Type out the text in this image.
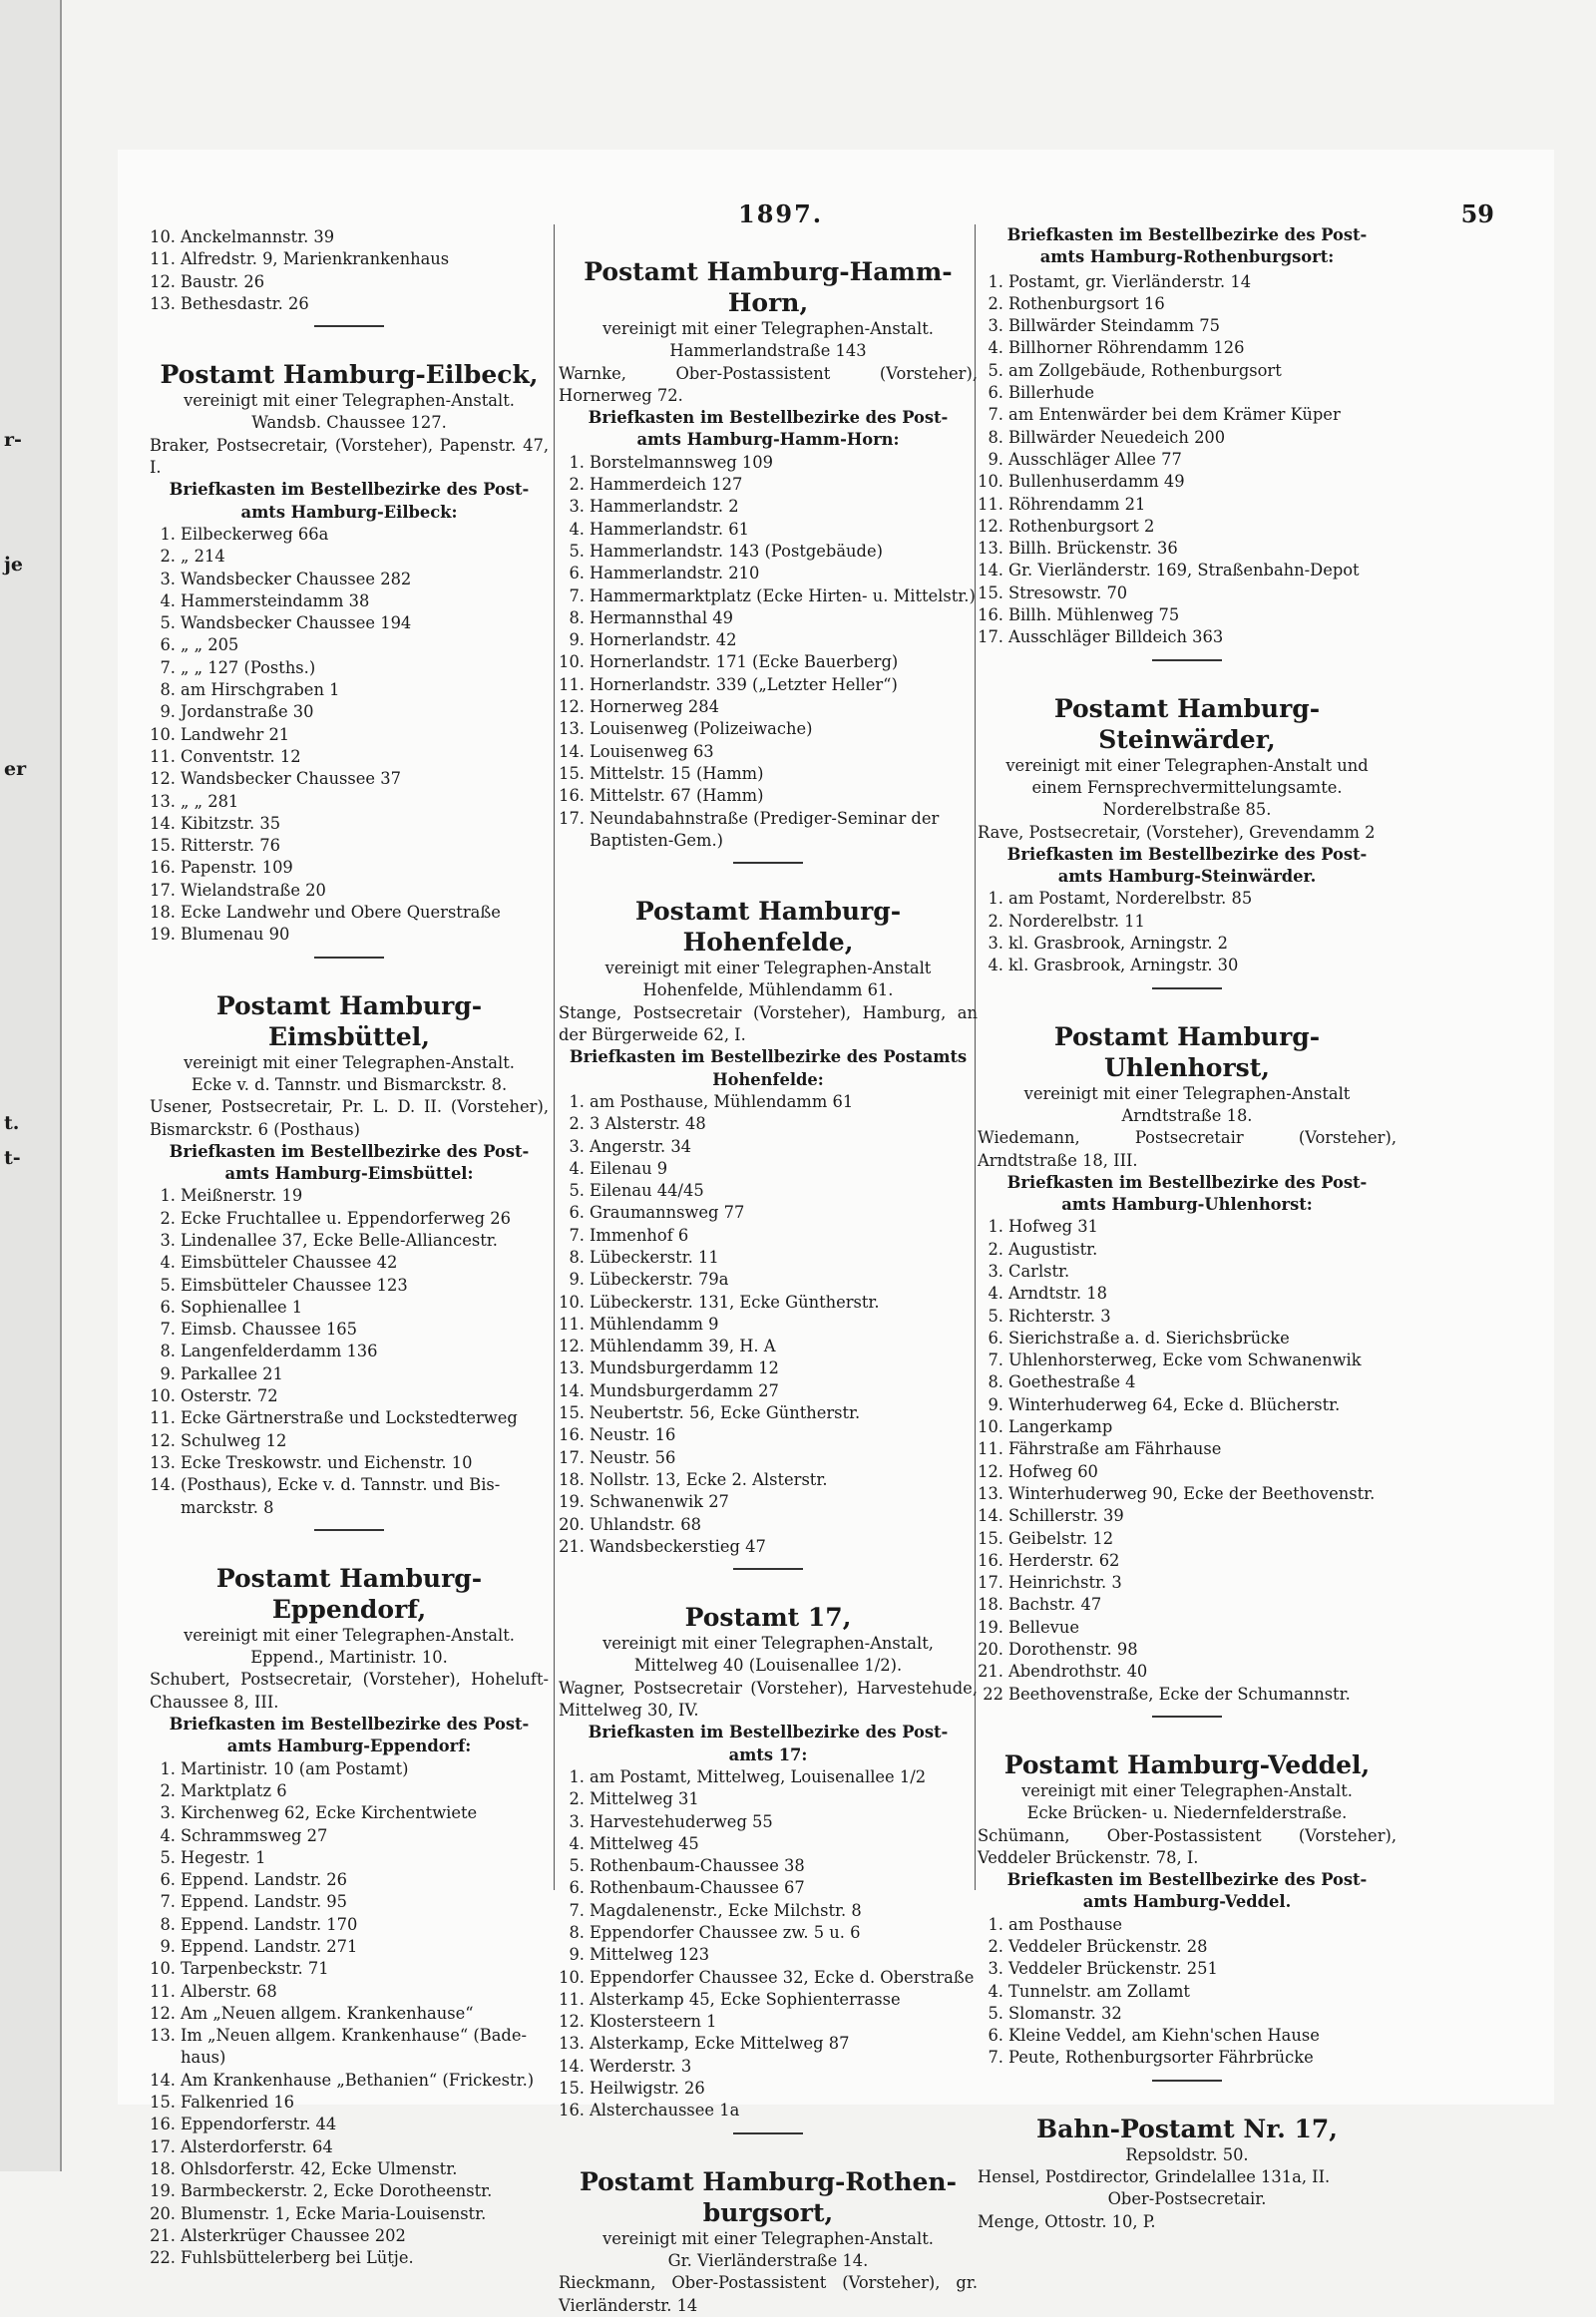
r-
je
er
t.
t-
1897.	59
10. Anckelmannstr. 39
11. Alfredstr. 9, Marienkrankenhaus
12. Baustr. 26
13. Bethesdastr. 26
Postamt Hamburg-Eilbeck,
vereinigt mit einer Telegraphen-Anstalt.
Wandsb. Chaussee 127.
Braker, Postsecretair, (Vorsteher), Papenstr. 47, I.
Briefkasten im Bestellbezirke des Post-
amts Hamburg-Eilbeck:
1. Eilbeckerweg 66a
2. „ 214
3. Wandsbecker Chaussee 282
4. Hammersteindamm 38
5. Wandsbecker Chaussee 194
6. „ „ 205
7. „ „ 127 (Posths.)
8. am Hirschgraben 1
9. Jordanstraße 30
10. Landwehr 21
11. Conventstr. 12
12. Wandsbecker Chaussee 37
13. „ „ 281
14. Kibitzstr. 35
15. Ritterstr. 76
16. Papenstr. 109
17. Wielandstraße 20
18. Ecke Landwehr und Obere Querstraße
19. Blumenau 90
Postamt Hamburg-Eimsbüttel,
vereinigt mit einer Telegraphen-Anstalt.
Ecke v. d. Tannstr. und Bismarckstr. 8.
Usener, Postsecretair, Pr. L. D. II. (Vorsteher), Bismarckstr. 6 (Posthaus)
Briefkasten im Bestellbezirke des Post-
amts Hamburg-Eimsbüttel:
1. Meißnerstr. 19
2. Ecke Fruchtallee u. Eppendorferweg 26
3. Lindenallee 37, Ecke Belle-Alliancestr.
4. Eimsbütteler Chaussee 42
5. Eimsbütteler Chaussee 123
6. Sophienallee 1
7. Eimsb. Chaussee 165
8. Langenfelderdamm 136
9. Parkallee 21
10. Osterstr. 72
11. Ecke Gärtnerstraße und Lockstedterweg
12. Schulweg 12
13. Ecke Treskowstr. und Eichenstr. 10
14. (Posthaus), Ecke v. d. Tannstr. und Bis-
marckstr. 8
Postamt Hamburg-Eppendorf,
vereinigt mit einer Telegraphen-Anstalt.
Eppend., Martinistr. 10.
Schubert, Postsecretair, (Vorsteher), Hoheluft-Chaussee 8, III.
Briefkasten im Bestellbezirke des Post-
amts Hamburg-Eppendorf:
1. Martinistr. 10 (am Postamt)
2. Marktplatz 6
3. Kirchenweg 62, Ecke Kirchentwiete
4. Schrammsweg 27
5. Hegestr. 1
6. Eppend. Landstr. 26
7. Eppend. Landstr. 95
8. Eppend. Landstr. 170
9. Eppend. Landstr. 271
10. Tarpenbeckstr. 71
11. Alberstr. 68
12. Am „Neuen allgem. Krankenhause“
13. Im „Neuen allgem. Krankenhause“ (Bade-
haus)
14. Am Krankenhause „Bethanien“ (Frickestr.)
15. Falkenried 16
16. Eppendorferstr. 44
17. Alsterdorferstr. 64
18. Ohlsdorferstr. 42, Ecke Ulmenstr.
19. Barmbeckerstr. 2, Ecke Dorotheenstr.
20. Blumenstr. 1, Ecke Maria-Louisenstr.
21. Alsterkrüger Chaussee 202
22. Fuhlsbüttelerberg bei Lütje.
Postamt Hamburg-Hamm-Horn,
vereinigt mit einer Telegraphen-Anstalt.
Hammerlandstraße 143
Warnke, Ober-Postassistent (Vorsteher), Hornerweg 72.
Briefkasten im Bestellbezirke des Post-
amts Hamburg-Hamm-Horn:
1. Borstelmannsweg 109
2. Hammerdeich 127
3. Hammerlandstr. 2
4. Hammerlandstr. 61
5. Hammerlandstr. 143 (Postgebäude)
6. Hammerlandstr. 210
7. Hammermarktplatz (Ecke Hirten- u. Mittelstr.)
8. Hermannsthal 49
9. Hornerlandstr. 42
10. Hornerlandstr. 171 (Ecke Bauerberg)
11. Hornerlandstr. 339 („Letzter Heller“)
12. Hornerweg 284
13. Louisenweg (Polizeiwache)
14. Louisenweg 63
15. Mittelstr. 15 (Hamm)
16. Mittelstr. 67 (Hamm)
17. Neundabahnstraße (Prediger-Seminar der
Baptisten-Gem.)
Postamt Hamburg-Hohenfelde,
vereinigt mit einer Telegraphen-Anstalt
Hohenfelde, Mühlendamm 61.
Stange, Postsecretair (Vorsteher), Hamburg, an der Bürgerweide 62, I.
Briefkasten im Bestellbezirke des Postamts
Hohenfelde:
1. am Posthause, Mühlendamm 61
2. 3 Alsterstr. 48
3. Angerstr. 34
4. Eilenau 9
5. Eilenau 44/45
6. Graumannsweg 77
7. Immenhof 6
8. Lübeckerstr. 11
9. Lübeckerstr. 79a
10. Lübeckerstr. 131, Ecke Güntherstr.
11. Mühlendamm 9
12. Mühlendamm 39, H. A
13. Mundsburgerdamm 12
14. Mundsburgerdamm 27
15. Neubertstr. 56, Ecke Güntherstr.
16. Neustr. 16
17. Neustr. 56
18. Nollstr. 13, Ecke 2. Alsterstr.
19. Schwanenwik 27
20. Uhlandstr. 68
21. Wandsbeckerstieg 47
Postamt 17,
vereinigt mit einer Telegraphen-Anstalt,
Mittelweg 40 (Louisenallee 1/2).
Wagner, Postsecretair (Vorsteher), Harvestehude, Mittelweg 30, IV.
Briefkasten im Bestellbezirke des Post-
amts 17:
1. am Postamt, Mittelweg, Louisenallee 1/2
2. Mittelweg 31
3. Harvestehuderweg 55
4. Mittelweg 45
5. Rothenbaum-Chaussee 38
6. Rothenbaum-Chaussee 67
7. Magdalenenstr., Ecke Milchstr. 8
8. Eppendorfer Chaussee zw. 5 u. 6
9. Mittelweg 123
10. Eppendorfer Chaussee 32, Ecke d. Oberstraße
11. Alsterkamp 45, Ecke Sophienterrasse
12. Klostersteern 1
13. Alsterkamp, Ecke Mittelweg 87
14. Werderstr. 3
15. Heilwigstr. 26
16. Alsterchaussee 1a
Postamt Hamburg-Rothen-burgsort,
vereinigt mit einer Telegraphen-Anstalt.
Gr. Vierländerstraße 14.
Rieckmann, Ober-Postassistent (Vorsteher), gr. Vierländerstr. 14
Briefkasten im Bestellbezirke des Post-
amts Hamburg-Rothenburgsort:
1. Postamt, gr. Vierländerstr. 14
2. Rothenburgsort 16
3. Billwärder Steindamm 75
4. Billhorner Röhrendamm 126
5. am Zollgebäude, Rothenburgsort
6. Billerhude
7. am Entenwärder bei dem Krämer Küper
8. Billwärder Neuedeich 200
9. Ausschläger Allee 77
10. Bullenhuserdamm 49
11. Röhrendamm 21
12. Rothenburgsort 2
13. Billh. Brückenstr. 36
14. Gr. Vierländerstr. 169, Straßenbahn-Depot
15. Stresowstr. 70
16. Billh. Mühlenweg 75
17. Ausschläger Billdeich 363
Postamt Hamburg-Steinwärder,
vereinigt mit einer Telegraphen-Anstalt und
einem Fernsprechvermittelungsamte.
Norderelbstraße 85.
Rave, Postsecretair, (Vorsteher), Grevendamm 2
Briefkasten im Bestellbezirke des Post-
amts Hamburg-Steinwärder.
1. am Postamt, Norderelbstr. 85
2. Norderelbstr. 11
3. kl. Grasbrook, Arningstr. 2
4. kl. Grasbrook, Arningstr. 30
Postamt Hamburg-Uhlenhorst,
vereinigt mit einer Telegraphen-Anstalt
Arndtstraße 18.
Wiedemann, Postsecretair (Vorsteher), Arndtstraße 18, III.
Briefkasten im Bestellbezirke des Post-
amts Hamburg-Uhlenhorst:
1. Hofweg 31
2. Augustistr.
3. Carlstr.
4. Arndtstr. 18
5. Richterstr. 3
6. Sierichstraße a. d. Sierichsbrücke
7. Uhlenhorsterweg, Ecke vom Schwanenwik
8. Goethestraße 4
9. Winterhuderweg 64, Ecke d. Blücherstr.
10. Langerkamp
11. Fährstraße am Fährhause
12. Hofweg 60
13. Winterhuderweg 90, Ecke der Beethovenstr.
14. Schillerstr. 39
15. Geibelstr. 12
16. Herderstr. 62
17. Heinrichstr. 3
18. Bachstr. 47
19. Bellevue
20. Dorothenstr. 98
21. Abendrothstr. 40
22 Beethovenstraße, Ecke der Schumannstr.
Postamt Hamburg-Veddel,
vereinigt mit einer Telegraphen-Anstalt.
Ecke Brücken- u. Niedernfelderstraße.
Schümann, Ober-Postassistent (Vorsteher), Veddeler Brückenstr. 78, I.
Briefkasten im Bestellbezirke des Post-
amts Hamburg-Veddel.
1. am Posthause
2. Veddeler Brückenstr. 28
3. Veddeler Brückenstr. 251
4. Tunnelstr. am Zollamt
5. Slomanstr. 32
6. Kleine Veddel, am Kiehn'schen Hause
7. Peute, Rothenburgsorter Fährbrücke
Bahn-Postamt Nr. 17,
Repsoldstr. 50.
Hensel, Postdirector, Grindelallee 131a, II.
Ober-Postsecretair.
Menge, Ottostr. 10, P.
